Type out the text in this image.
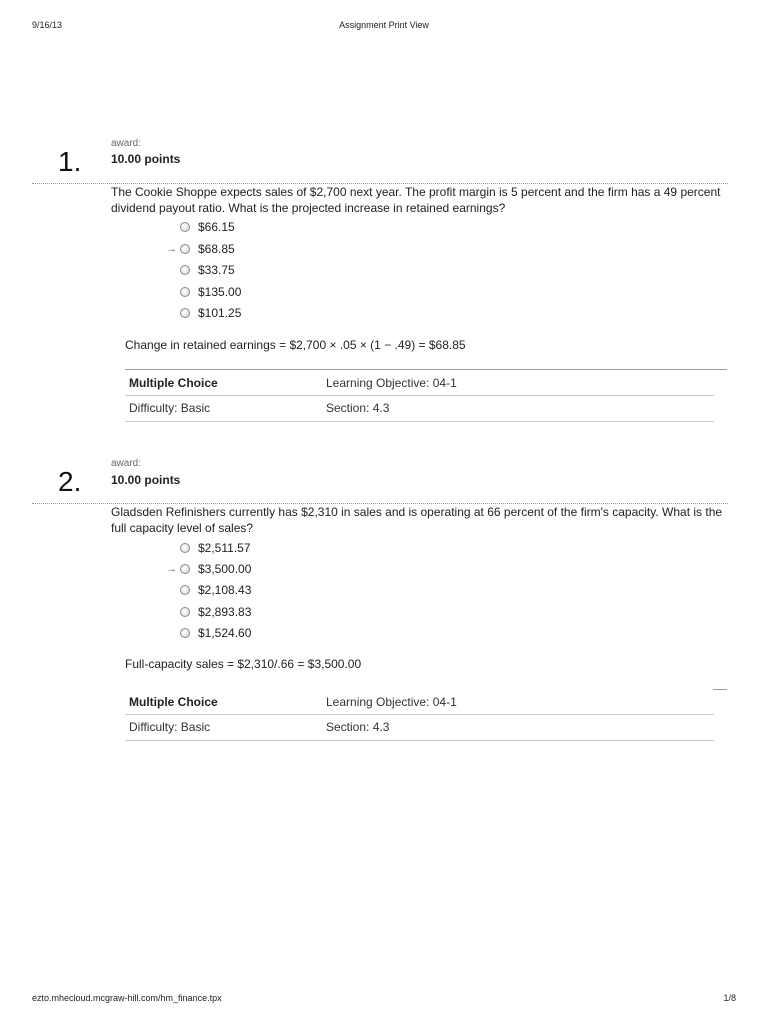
9/16/13	Assignment Print View
1.
award:
10.00 points
The Cookie Shoppe expects sales of $2,700 next year. The profit margin is 5 percent and the firm has a 49 percent dividend payout ratio. What is the projected increase in retained earnings?
$66.15
→ $68.85
$33.75
$135.00
$101.25
Change in retained earnings = $2,700 × .05 × (1 − .49) = $68.85
Multiple Choice	Learning Objective: 04-1
Difficulty: Basic	Section: 4.3
2.
award:
10.00 points
Gladsden Refinishers currently has $2,310 in sales and is operating at 66 percent of the firm's capacity. What is the full capacity level of sales?
$2,511.57
→ $3,500.00
$2,108.43
$2,893.83
$1,524.60
Full-capacity sales = $2,310/.66 = $3,500.00
Multiple Choice	Learning Objective: 04-1
Difficulty: Basic	Section: 4.3
ezto.mhecloud.mcgraw-hill.com/hm_finance.tpx	1/8
